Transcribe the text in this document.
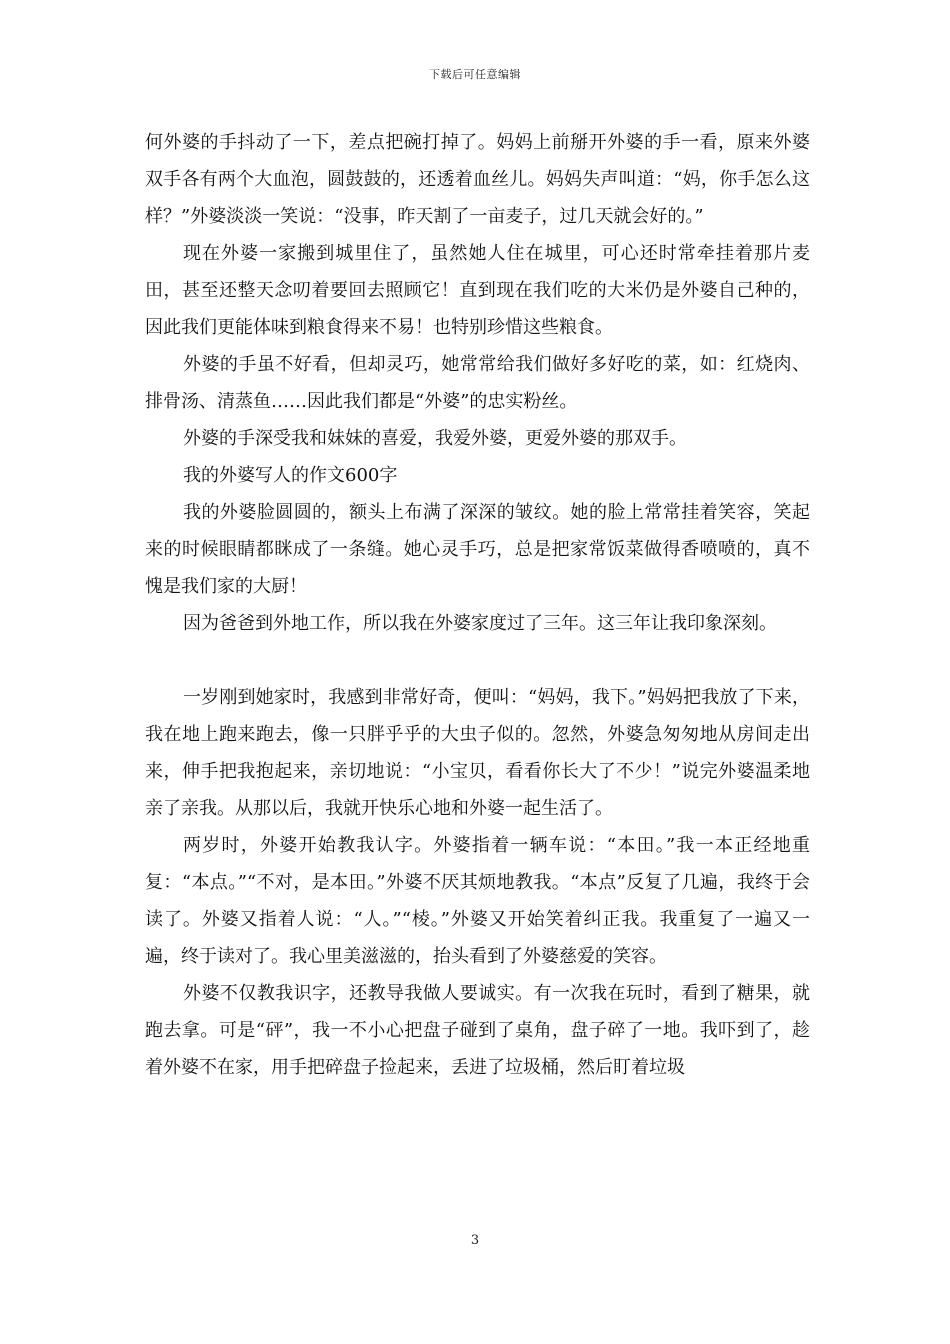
下载后可任意编辑

何外婆的手抖动了一下，差点把碗打掉了。妈妈上前掰开外婆的手一看，原来外婆双手各有两个大血泡，圆鼓鼓的，还透着血丝儿。妈妈失声叫道：“妈，你手怎么这样？”外婆淡淡一笑说：“没事，昨天割了一亩麦子，过几天就会好的。”

现在外婆一家搬到城里住了，虽然她人住在城里，可心还时常牵挂着那片麦田，甚至还整天念叨着要回去照顾它！直到现在我们吃的大米仍是外婆自己种的，因此我们更能体味到粮食得来不易！也特别珍惜这些粮食。

外婆的手虽不好看，但却灵巧，她常常给我们做好多好吃的菜，如：红烧肉、排骨汤、清蒸鱼……因此我们都是“外婆”的忠实粉丝。

外婆的手深受我和妹妹的喜爱，我爱外婆，更爱外婆的那双手。

我的外婆写人的作文600字

我的外婆脸圆圆的，额头上布满了深深的皱纹。她的脸上常常挂着笑容，笑起来的时候眼睛都眯成了一条缝。她心灵手巧，总是把家常饭菜做得香喷喷的，真不愧是我们家的大厨！

因为爸爸到外地工作，所以我在外婆家度过了三年。这三年让我印象深刻。

一岁刚到她家时，我感到非常好奇，便叫：“妈妈，我下。”妈妈把我放了下来，我在地上跑来跑去，像一只胖乎乎的大虫子似的。忽然，外婆急匆匆地从房间走出来，伸手把我抱起来，亲切地说：“小宝贝，看看你长大了不少！”说完外婆温柔地亲了亲我。从那以后，我就开快乐心地和外婆一起生活了。

两岁时，外婆开始教我认字。外婆指着一辆车说：“本田。”我一本正经地重复：“本点。”“不对，是本田。”外婆不厌其烦地教我。“本点”反复了几遍，我终于会读了。外婆又指着人说：“人。”“棱。”外婆又开始笑着纠正我。我重复了一遍又一遍，终于读对了。我心里美滋滋的，抬头看到了外婆慈爱的笑容。

外婆不仅教我识字，还教导我做人要诚实。有一次我在玩时，看到了糖果，就跑去拿。可是“砰”，我一不小心把盘子碰到了桌角，盘子碎了一地。我吓到了，趁着外婆不在家，用手把碎盘子捡起来，丢进了垃圾桶，然后盯着垃圾

3
